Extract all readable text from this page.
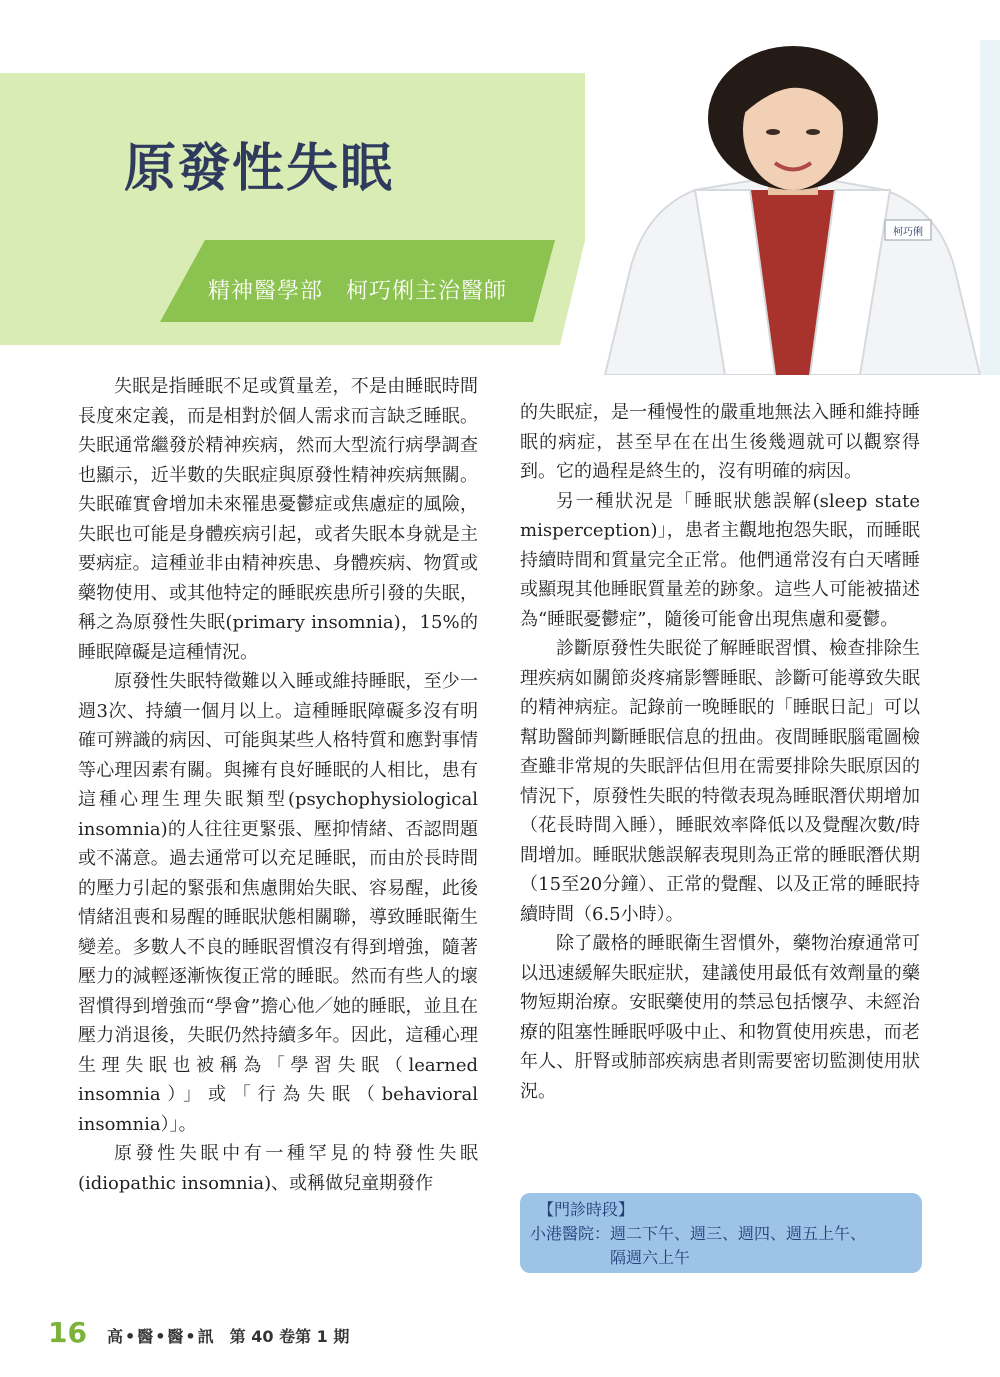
原發性失眠
精神醫學部　柯巧俐主治醫師
柯巧俐

失眠是指睡眠不足或質量差，不是由睡眠時間長度來定義，而是相對於個人需求而言缺乏睡眠。失眠通常繼發於精神疾病，然而大型流行病學調查也顯示，近半數的失眠症與原發性精神疾病無關。失眠確實會增加未來罹患憂鬱症或焦慮症的風險，失眠也可能是身體疾病引起，或者失眠本身就是主要病症。這種並非由精神疾患、身體疾病、物質或藥物使用、或其他特定的睡眠疾患所引發的失眠，稱之為原發性失眠(primary insomnia)，15%的睡眠障礙是這種情況。

原發性失眠特徵難以入睡或維持睡眠，至少一週3次、持續一個月以上。這種睡眠障礙多沒有明確可辨識的病因、可能與某些人格特質和應對事情等心理因素有關。與擁有良好睡眠的人相比，患有這種心理生理失眠類型(psychophysiological insomnia)的人往往更緊張、壓抑情緒、否認問題或不滿意。過去通常可以充足睡眠，而由於長時間的壓力引起的緊張和焦慮開始失眠、容易醒，此後情緒沮喪和易醒的睡眠狀態相關聯，導致睡眠衛生變差。多數人不良的睡眠習慣沒有得到增強，隨著壓力的減輕逐漸恢復正常的睡眠。然而有些人的壞習慣得到增強而“學會”擔心他／她的睡眠，並且在壓力消退後，失眠仍然持續多年。因此，這種心理生理失眠也被稱為「學習失眠（learned insomnia）」或「行為失眠（behavioral insomnia）」。

原發性失眠中有一種罕見的特發性失眠(idiopathic insomnia)、或稱做兒童期發作

的失眠症，是一種慢性的嚴重地無法入睡和維持睡眠的病症，甚至早在在出生後幾週就可以觀察得到。它的過程是終生的，沒有明確的病因。

另一種狀況是「睡眠狀態誤解(sleep state misperception)」，患者主觀地抱怨失眠，而睡眠持續時間和質量完全正常。他們通常沒有白天嗜睡或顯現其他睡眠質量差的跡象。這些人可能被描述為“睡眠憂鬱症”，隨後可能會出現焦慮和憂鬱。

診斷原發性失眠從了解睡眠習慣、檢查排除生理疾病如關節炎疼痛影響睡眠、診斷可能導致失眠的精神病症。記錄前一晚睡眠的「睡眠日記」可以幫助醫師判斷睡眠信息的扭曲。夜間睡眠腦電圖檢查雖非常規的失眠評估但用在需要排除失眠原因的情況下，原發性失眠的特徵表現為睡眠潛伏期增加（花長時間入睡），睡眠效率降低以及覺醒次數/時間增加。睡眠狀態誤解表現則為正常的睡眠潛伏期（15至20分鐘）、正常的覺醒、以及正常的睡眠持續時間（6.5小時）。

除了嚴格的睡眠衛生習慣外，藥物治療通常可以迅速緩解失眠症狀，建議使用最低有效劑量的藥物短期治療。安眠藥使用的禁忌包括懷孕、未經治療的阻塞性睡眠呼吸中止、和物質使用疾患，而老年人、肝腎或肺部疾病患者則需要密切監測使用狀況。

【門診時段】
小港醫院： 週二下午、週三、週四、週五上午、
隔週六上午
16 高•醫•醫•訊 第 40 卷第 1 期
